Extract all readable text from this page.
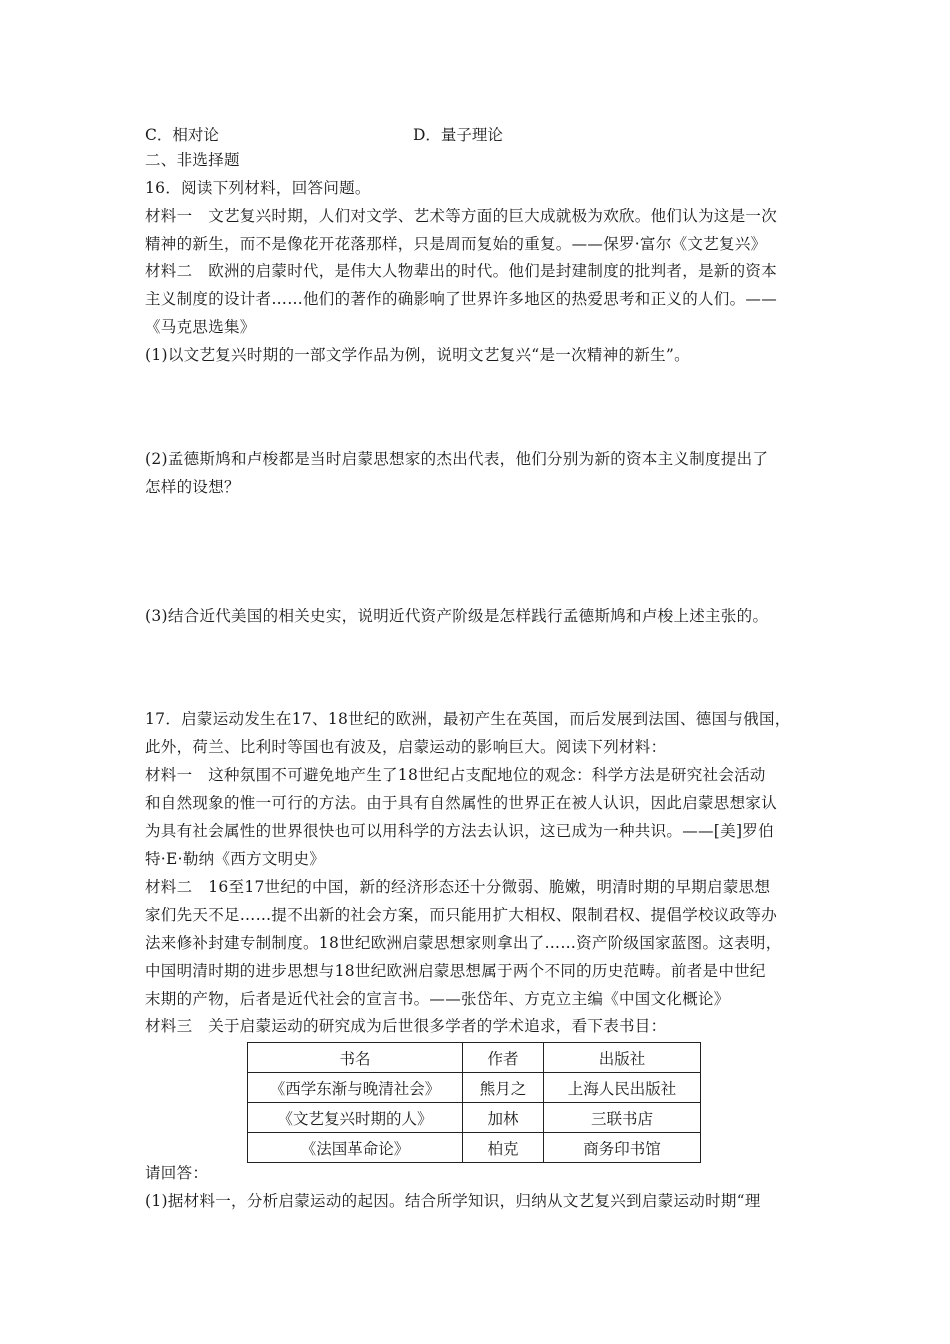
C．相对论	D．量子理论
二、非选择题
16．阅读下列材料，回答问题。
材料一　文艺复兴时期，人们对文学、艺术等方面的巨大成就极为欢欣。他们认为这是一次
精神的新生，而不是像花开花落那样，只是周而复始的重复。——保罗·富尔《文艺复兴》
材料二　欧洲的启蒙时代，是伟大人物辈出的时代。他们是封建制度的批判者，是新的资本
主义制度的设计者……他们的著作的确影响了世界许多地区的热爱思考和正义的人们。——
《马克思选集》
(1)以文艺复兴时期的一部文学作品为例，说明文艺复兴“是一次精神的新生”。
(2)孟德斯鸠和卢梭都是当时启蒙思想家的杰出代表，他们分别为新的资本主义制度提出了
怎样的设想？
(3)结合近代美国的相关史实，说明近代资产阶级是怎样践行孟德斯鸠和卢梭上述主张的。
17．启蒙运动发生在17、18世纪的欧洲，最初产生在英国，而后发展到法国、德国与俄国，
此外，荷兰、比利时等国也有波及，启蒙运动的影响巨大。阅读下列材料：
材料一　这种氛围不可避免地产生了18世纪占支配地位的观念：科学方法是研究社会活动
和自然现象的惟一可行的方法。由于具有自然属性的世界正在被人认识，因此启蒙思想家认
为具有社会属性的世界很快也可以用科学的方法去认识，这已成为一种共识。——[美]罗伯
特·E·勒纳《西方文明史》
材料二　16至17世纪的中国，新的经济形态还十分微弱、脆嫩，明清时期的早期启蒙思想
家们先天不足……提不出新的社会方案，而只能用扩大相权、限制君权、提倡学校议政等办
法来修补封建专制制度。18世纪欧洲启蒙思想家则拿出了……资产阶级国家蓝图。这表明，
中国明清时期的进步思想与18世纪欧洲启蒙思想属于两个不同的历史范畴。前者是中世纪
末期的产物，后者是近代社会的宣言书。——张岱年、方克立主编《中国文化概论》
材料三　关于启蒙运动的研究成为后世很多学者的学术追求，看下表书目：
书名	作者	出版社
《西学东渐与晚清社会》	熊月之	上海人民出版社
《文艺复兴时期的人》	加林	三联书店
《法国革命论》	柏克	商务印书馆
请回答：
(1)据材料一，分析启蒙运动的起因。结合所学知识，归纳从文艺复兴到启蒙运动时期“理
